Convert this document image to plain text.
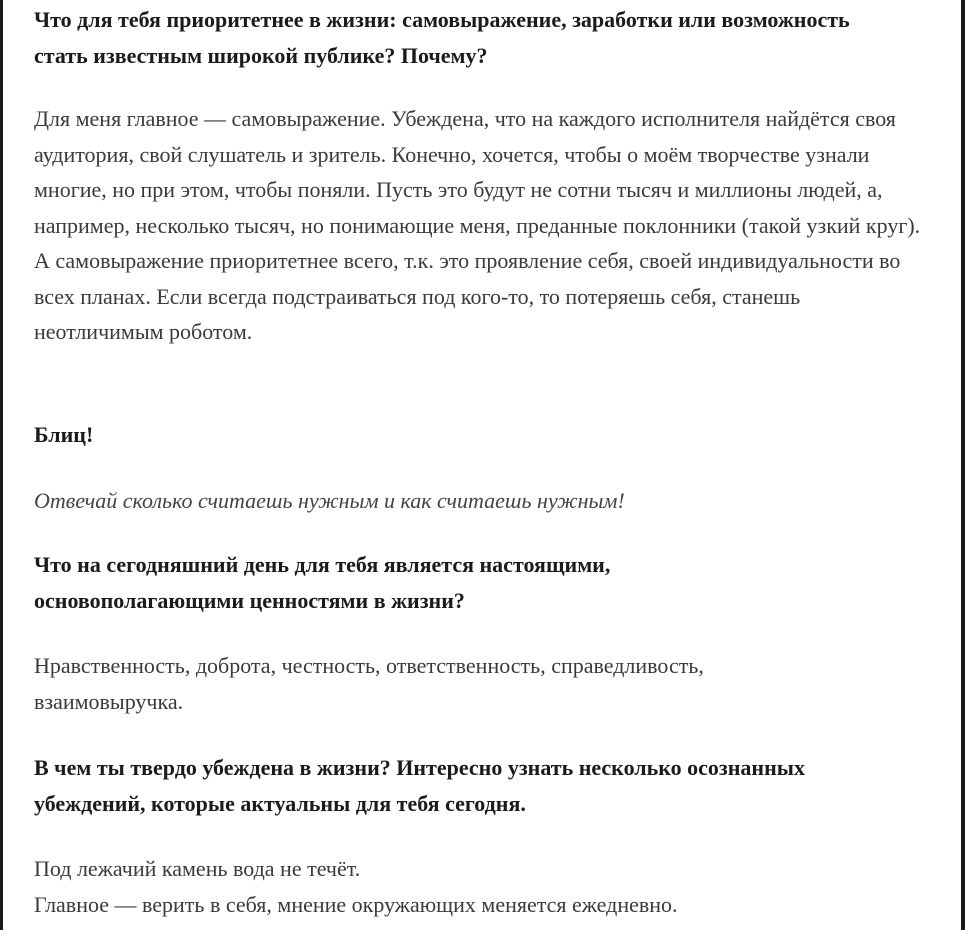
Что для тебя приоритетнее в жизни: самовыражение, заработки или возможность стать известным широкой публике? Почему?

Для меня главное — самовыражение. Убеждена, что на каждого исполнителя найдётся своя аудитория, свой слушатель и зритель. Конечно, хочется, чтобы о моём творчестве узнали многие, но при этом, чтобы поняли. Пусть это будут не сотни тысяч и миллионы людей, а, например, несколько тысяч, но понимающие меня, преданные поклонники (такой узкий круг). А самовыражение приоритетнее всего, т.к. это проявление себя, своей индивидуальности во всех планах. Если всегда подстраиваться под кого-то, то потеряешь себя, станешь неотличимым роботом.

Блиц!

Отвечай сколько считаешь нужным и как считаешь нужным!

Что на сегодняшний день для тебя является настоящими, основополагающими ценностями в жизни?

Нравственность, доброта, честность, ответственность, справедливость, взаимовыручка.

В чем ты твердо убеждена в жизни? Интересно узнать несколько осознанных убеждений, которые актуальны для тебя сегодня.

Под лежачий камень вода не течёт.
Главное — верить в себя, мнение окружающих меняется ежедневно.
